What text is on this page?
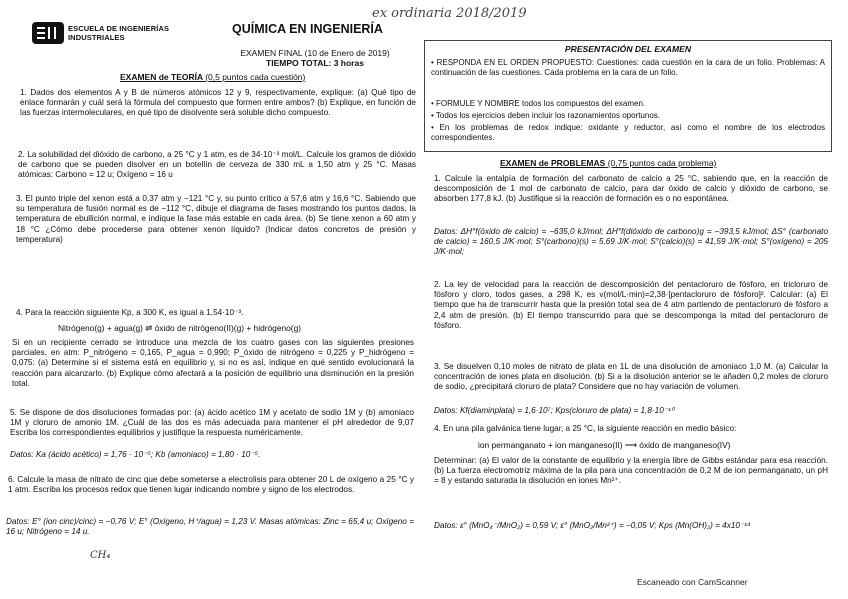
ex ordinaria 2018/2019
ESCUELA DE INGENIERÍAS
INDUSTRIALES
QUÍMICA EN INGENIERÍA
EXAMEN FINAL (10 de Enero de 2019)
TIEMPO TOTAL: 3 horas
EXAMEN de TEORÍA (0,5 puntos cada cuestión)
1. Dados dos elementos A y B de números atómicos 12 y 9, respectivamente, explique: (a) Qué tipo de enlace formarán y cuál será la fórmula del compuesto que formen entre ambos? (b) Explique, en función de las fuerzas intermoleculares, en qué tipo de disolvente será soluble dicho compuesto.
2. La solubilidad del dióxido de carbono, a 25 °C y 1 atm, es de 34·10⁻³ mol/L. Calcule los gramos de dióxido de carbono que se pueden disolver en un botellín de cerveza de 330 mL a 1,50 atm y 25 °C. Masas atómicas: Carbono = 12 u; Oxígeno = 16 u
3. El punto triple del xenon está a 0,37 atm y −121 °C y, su punto crítico a 57,6 atm y 16,6 °C. Sabiendo que su temperatura de fusión normal es de −112 °C, dibuje el diagrama de fases mostrando los puntos dados, la temperatura de ebullición normal, e indique la fase más estable en cada área. (b) Se tiene xenon a 60 atm y 18 °C ¿Cómo debe procederse para obtener xenon líquido? (Indicar datos concretos de presión y temperatura)
4. Para la reacción siguiente Kp, a 300 K, es igual a 1,54·10⁻³.
Nitrógeno(g) + agua(g) ⇌ óxido de nitrógeno(II)(g) + hidrógeno(g)
Si en un recipiente cerrado se introduce una mezcla de los cuatro gases con las siguientes presiones parciales, en atm: P_nitrógeno = 0,165, P_agua = 0,990; P_óxido de nitrógeno = 0,225 y P_hidrógeno = 0,075: (a) Determine si el sistema está en equilibrio y, si no es así, indique en qué sentido evolucionará la reacción para alcanzarlo. (b) Explique cómo afectará a la posición de equilibrio una disminución en la presión total.
5. Se dispone de dos disoluciones formadas por: (a) ácido acético 1M y acetato de sodio 1M y (b) amoniaco 1M y cloruro de amonio 1M. ¿Cuál de las dos es más adecuada para mantener el pH alrededor de 9,07 Escriba los correspondientes equilibrios y justifique la respuesta numéricamente.
Datos: Ka (ácido acético) = 1,76 · 10⁻⁵; Kb (amoniaco) = 1,80 · 10⁻⁵.
6. Calcule la masa de nitrato de cinc que debe someterse a electrolisis para obtener 20 L de oxígeno a 25 °C y 1 atm. Escriba los procesos redox que tienen lugar indicando nombre y signo de los electrodos.
Datos: E° (ion cinc)/cinc) = −0,76 V; E° (Oxígeno, H⁺/agua) = 1,23 V. Masas atómicas: Zinc = 65,4 u; Oxígeno = 16 u; Nitrógeno = 14 u.
CH₄
PRESENTACIÓN DEL EXAMEN
• RESPONDA EN EL ORDEN PROPUESTO: Cuestiones: cada cuestión en la cara de un folio. Problemas: A continuación de las cuestiones. Cada problema en la cara de un folio.
• FORMULE Y NOMBRE todos los compuestos del examen.
• Todos los ejercicios deben incluir los razonamientos oportunos.
• En los problemas de redox indique: oxidante y reductor, así como el nombre de los electrodos correspondientes.
EXAMEN de PROBLEMAS (0,75 puntos cada problema)
1. Calcule la entalpía de formación del carbonato de calcio a 25 °C, sabiendo que, en la reacción de descomposición de 1 mol de carbonato de calcio, para dar óxido de calcio y dióxido de carbono, se absorben 177,8 kJ. (b) Justifique si la reacción de formación es o no espontánea.
Datos: ΔH°f(óxido de calcio) = −635,0 kJ/mol; ΔH°f(dióxido de carbono)g = −393,5 kJ/mol; ΔS° (carbonato de calcio) = 160,5 J/K·mol; S°(carbono)(s) = 5,69 J/K·mol; S°(calcio)(s) = 41,59 J/K·mol; S°(oxígeno) = 205 J/K·mol;
2. La ley de velocidad para la reacción de descomposición del pentacloruro de fósforo, en tricloruro de fósforo y cloro, todos gases, a 298 K, es v(mol/L·min)=2,38·[pentacloruro de fósforo]². Calcular: (a) El tiempo que ha de transcurrir hasta que la presión total sea de 4 atm partiendo de pentacloruro de fósforo a 2,4 atm de presión. (b) El tiempo transcurrido para que se descomponga la mitad del pentacloruro de fósforo.
3. Se disuelven 0,10 moles de nitrato de plata en 1L de una disolución de amoniaco 1,0 M. (a) Calcular la concentración de iones plata en disolución. (b) Si a la disolución anterior se le añaden 0,2 moles de cloruro de sodio, ¿precipitará cloruro de plata? Considere que no hay variación de volumen.
Datos: Kf(diaminplata) = 1,6·10⁷; Kps(cloruro de plata) = 1,8·10⁻¹⁰
4. En una pila galvánica tiene lugar, a 25 °C, la siguiente reacción en medio básico:
ion permanganato + ion manganeso(II) ⟶ óxido de manganeso(IV)
Determinar: (a) El valor de la constante de equilibrio y la energía libre de Gibbs estándar para esa reacción. (b) La fuerza electromotriz máxima de la pila para una concentración de 0,2 M de ion permanganato, un pH = 8 y estando saturada la disolución en iones Mn²⁺.
Datos: ε° (MnO₄⁻/MnO₂) = 0,59 V; ε° (MnO₂/Mn²⁺) = −0,05 V; Kps (Mn(OH)₂) = 4x10⁻¹⁴
Escaneado con CamScanner
